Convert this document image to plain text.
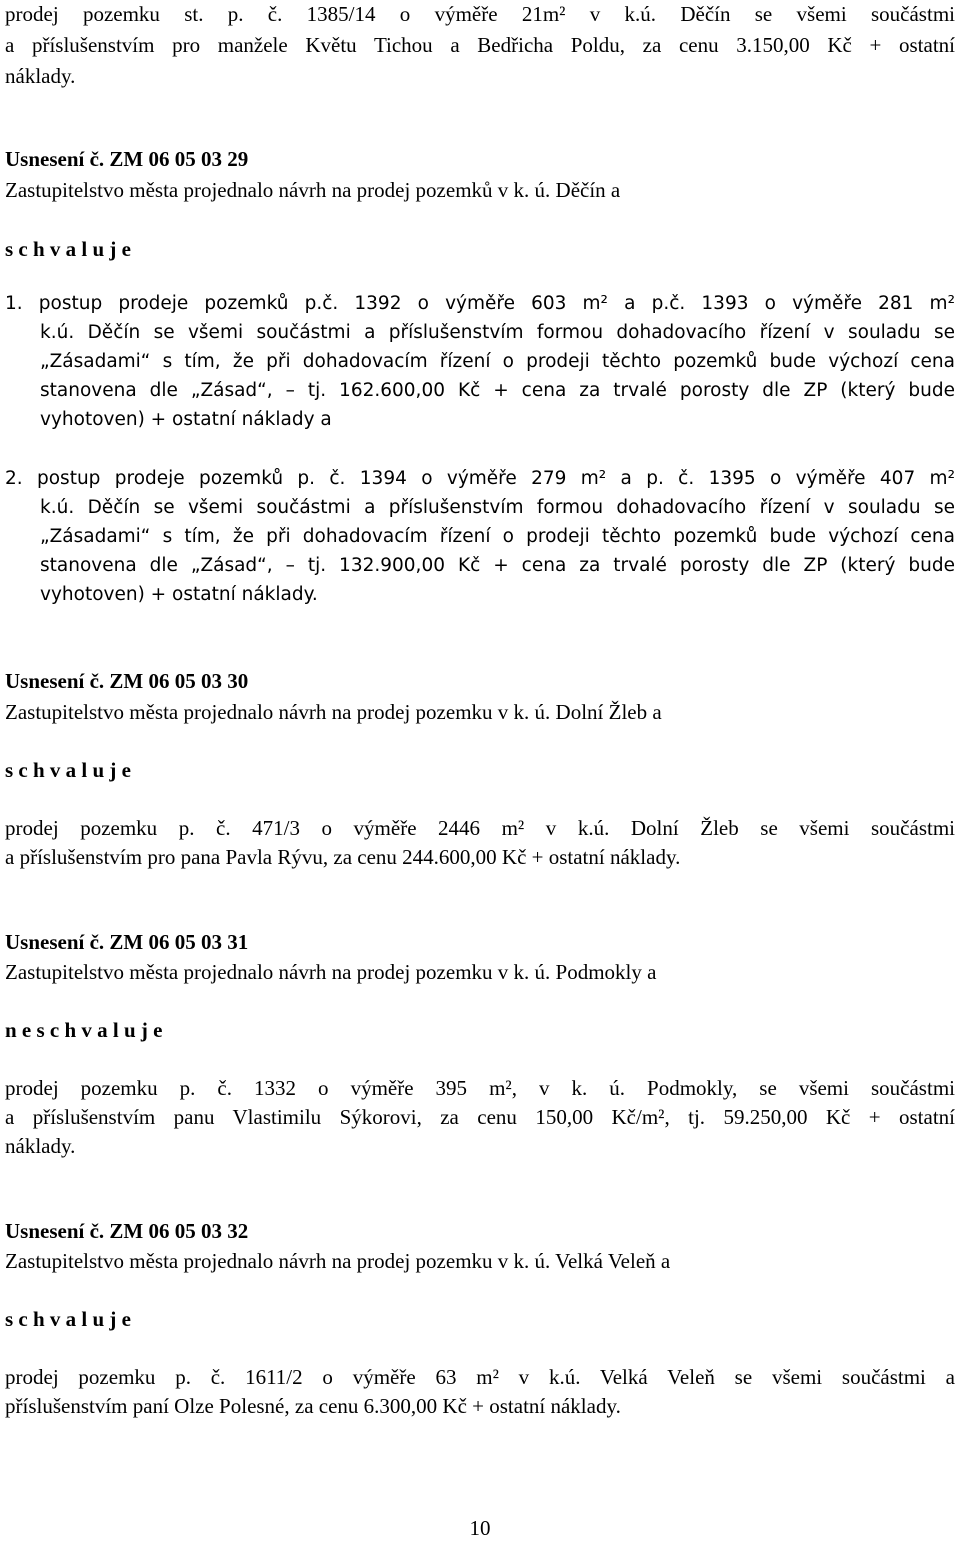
prodej pozemku st. p. č. 1385/14 o výměře 21m² v k.ú. Děčín se všemi součástmi
a příslušenstvím pro manžele Květu Tichou a Bedřicha Poldu, za cenu 3.150,00 Kč + ostatní
náklady.
Usnesení č. ZM 06 05 03 29
Zastupitelstvo města projednalo návrh na prodej pozemků v k. ú. Děčín a
s c h v a l u j e
1. postup prodeje pozemků p.č. 1392 o výměře 603 m² a p.č. 1393 o výměře 281 m²
k.ú. Děčín se všemi součástmi a příslušenstvím formou dohadovacího řízení v souladu se
„Zásadami“ s tím, že při dohadovacím řízení o prodeji těchto pozemků bude výchozí cena
stanovena dle „Zásad“, – tj. 162.600,00 Kč + cena za trvalé porosty dle ZP (který bude
vyhotoven) + ostatní náklady a
2. postup prodeje pozemků p. č. 1394 o výměře 279 m² a p. č. 1395 o výměře 407 m²
k.ú. Děčín se všemi součástmi a příslušenstvím formou dohadovacího řízení v souladu se
„Zásadami“ s tím, že při dohadovacím řízení o prodeji těchto pozemků bude výchozí cena
stanovena dle „Zásad“, – tj. 132.900,00 Kč + cena za trvalé porosty dle ZP (který bude
vyhotoven) + ostatní náklady.
Usnesení č. ZM 06 05 03 30
Zastupitelstvo města projednalo návrh na prodej pozemku v k. ú. Dolní Žleb a
s c h v a l u j e
prodej pozemku p. č. 471/3 o výměře 2446 m² v k.ú. Dolní Žleb se všemi součástmi
a příslušenstvím pro pana Pavla Rývu, za cenu 244.600,00 Kč + ostatní náklady.
Usnesení č. ZM 06 05 03 31
Zastupitelstvo města projednalo návrh na prodej pozemku v k. ú. Podmokly a
n e s c h v a l u j e
prodej pozemku p. č. 1332 o výměře 395 m², v k. ú. Podmokly, se všemi součástmi
a příslušenstvím panu Vlastimilu Sýkorovi, za cenu 150,00 Kč/m², tj. 59.250,00 Kč + ostatní
náklady.
Usnesení č. ZM 06 05 03 32
Zastupitelstvo města projednalo návrh na prodej pozemku v k. ú. Velká Veleň a
s c h v a l u j e
prodej pozemku p. č. 1611/2 o výměře 63 m² v k.ú. Velká Veleň se všemi součástmi a
příslušenstvím paní Olze Polesné, za cenu 6.300,00 Kč + ostatní náklady.
10
